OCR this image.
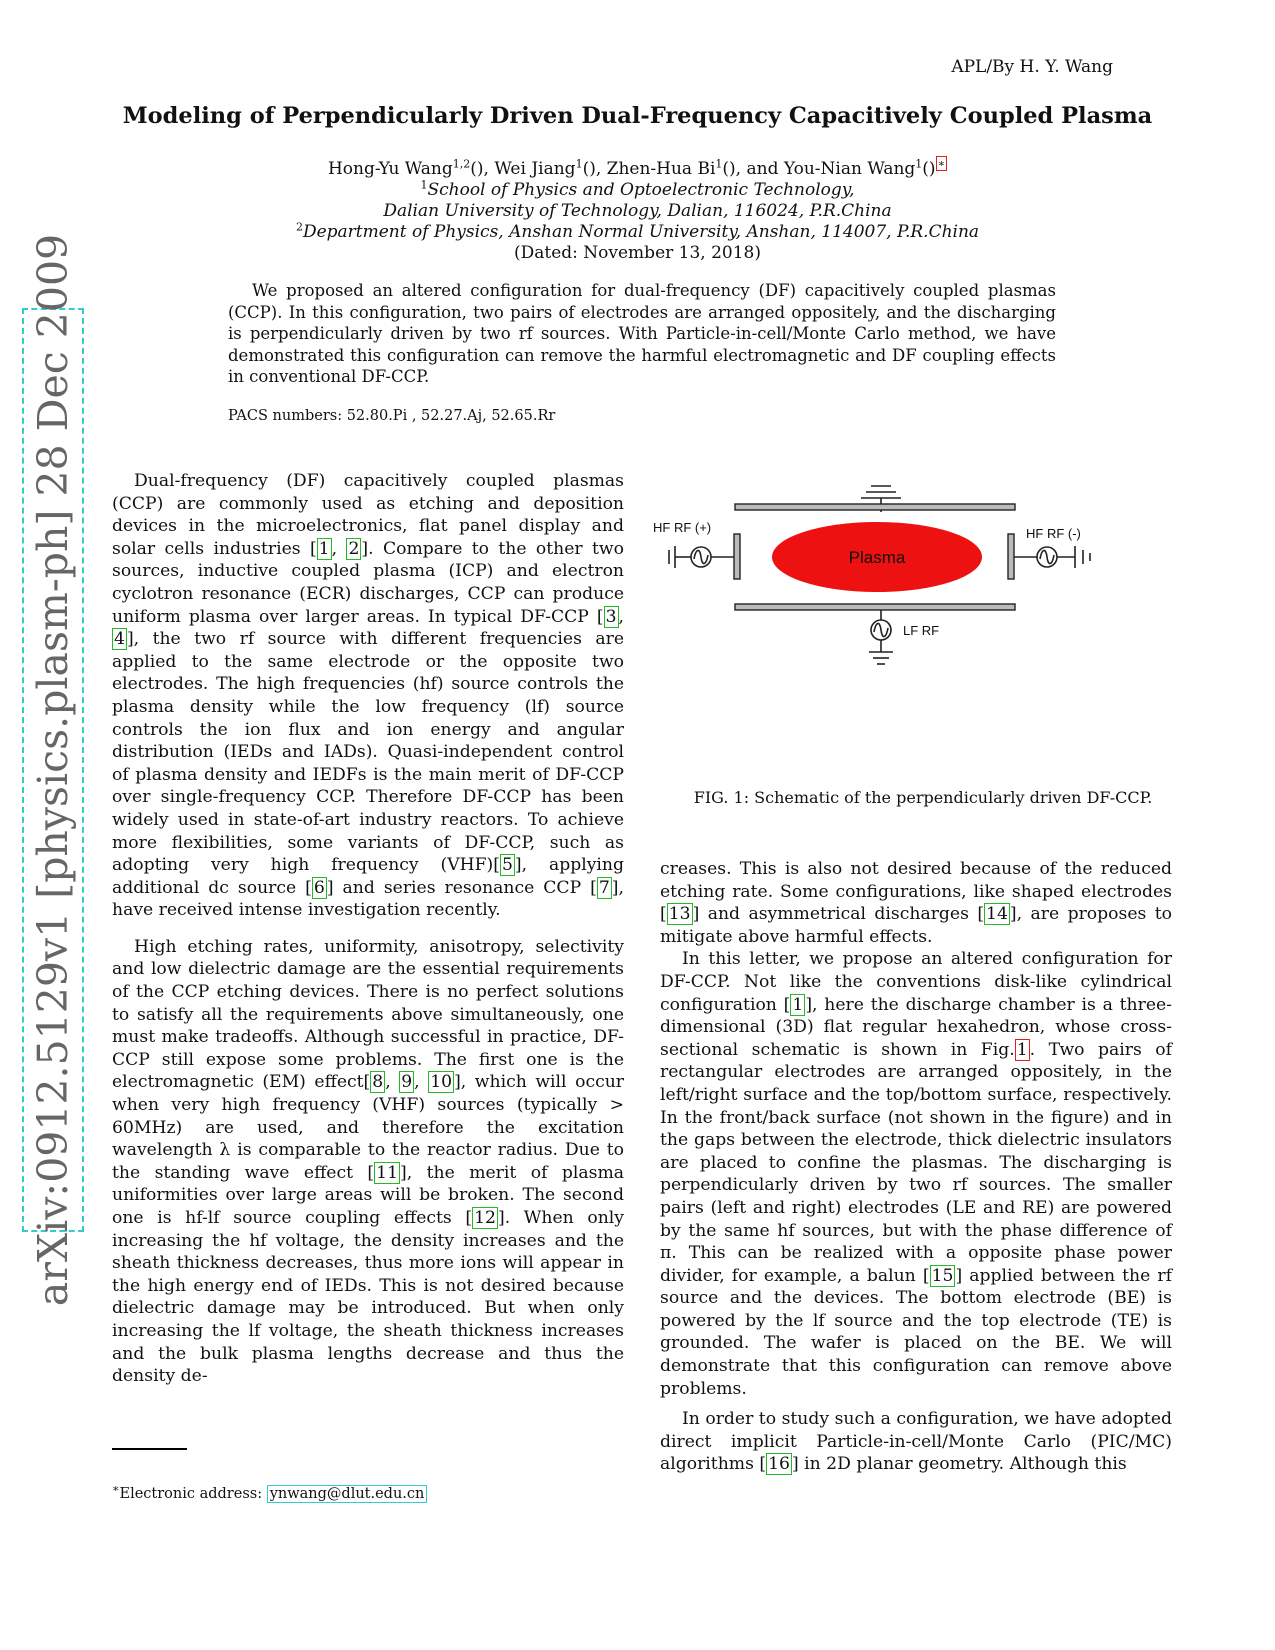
APL/By H. Y. Wang
Modeling of Perpendicularly Driven Dual-Frequency Capacitively Coupled Plasma
Hong-Yu Wang$^{1,2}$(), Wei Jiang$^1$(), Zhen-Hua Bi$^1$(), and You-Nian Wang$^1$() ∗
$^1$School of Physics and Optoelectronic Technology,
Dalian University of Technology, Dalian, 116024, P.R.China
$^2$Department of Physics, Anshan Normal University, Anshan, 114007, P.R.China
(Dated: November 13, 2018)
We proposed an altered configuration for dual-frequency (DF) capacitively coupled plasmas (CCP). In this configuration, two pairs of electrodes are arranged oppositely, and the discharging is perpendicularly driven by two rf sources. With Particle-in-cell/Monte Carlo method, we have demonstrated this configuration can remove the harmful electromagnetic and DF coupling effects in conventional DF-CCP.
PACS numbers: 52.80.Pi , 52.27.Aj, 52.65.Rr
arXiv:0912.5129v1 [physics.plasm-ph] 28 Dec 2009	Dual-frequency (DF) capacitively coupled plasmas (CCP) are commonly used as etching and deposition devices in the microelectronics, flat panel display and solar cells industries [ 1 , 2 ]. Compare to the other two sources, inductive coupled plasma (ICP) and electron cyclotron resonance (ECR) discharges, CCP can produce uniform plasma over larger areas. In typical DF-CCP [ 3 , 4 ], the two rf source with different frequencies are applied to the same electrode or the opposite two electrodes. The high frequencies (hf) source controls the plasma density while the low frequency (lf) source controls the ion flux and ion energy and angular distribution (IEDs and IADs). Quasi-independent control of plasma density and IEDFs is the main merit of DF-CCP over single-frequency CCP. Therefore DF-CCP has been widely used in state-of-art industry reactors. To achieve more flexibilities, some variants of DF-CCP, such as adopting very high frequency (VHF)[ 5 ], applying additional dc source [ 6 ] and series resonance CCP [ 7 ], have received intense investigation recently.

High etching rates, uniformity, anisotropy, selectivity and low dielectric damage are the essential requirements of the CCP etching devices. There is no perfect solutions to satisfy all the requirements above simultaneously, one must make tradeoffs. Although successful in practice, DF-CCP still expose some problems. The first one is the electromagnetic (EM) effect[ 8 , 9 , 10 ], which will occur when very high frequency (VHF) sources (typically > 60MHz) are used, and therefore the excitation wavelength λ is comparable to the reactor radius. Due to the standing wave effect [ 11 ], the merit of plasma uniformities over large areas will be broken. The second one is hf-lf source coupling effects [ 12 ]. When only increasing the hf voltage, the density increases and the sheath thickness decreases, thus more ions will appear in the high energy end of IEDs. This is not desired because dielectric damage may be introduced. But when only increasing the lf voltage, the sheath thickness increases and the bulk plasma lengths decrease and thus the density de-

Plasma
HF RF (+)	HF RF (-)
LF RF
FIG. 1: Schematic of the perpendicularly driven DF-CCP.

creases. This is also not desired because of the reduced etching rate. Some configurations, like shaped electrodes [ 13 ] and asymmetrical discharges [ 14 ], are proposes to mitigate above harmful effects.

In this letter, we propose an altered configuration for DF-CCP. Not like the conventions disk-like cylindrical configuration [ 1 ], here the discharge chamber is a three-dimensional (3D) flat regular hexahedron, whose cross-sectional schematic is shown in Fig. 1 . Two pairs of rectangular electrodes are arranged oppositely, in the left/right surface and the top/bottom surface, respectively. In the front/back surface (not shown in the figure) and in the gaps between the electrode, thick dielectric insulators are placed to confine the plasmas. The discharging is perpendicularly driven by two rf sources. The smaller pairs (left and right) electrodes (LE and RE) are powered by the same hf sources, but with the phase difference of π. This can be realized with a opposite phase power divider, for example, a balun [ 15 ] applied between the rf source and the devices. The bottom electrode (BE) is powered by the lf source and the top electrode (TE) is grounded. The wafer is placed on the BE. We will demonstrate that this configuration can remove above problems.

In order to study such a configuration, we have adopted direct implicit Particle-in-cell/Monte Carlo (PIC/MC) algorithms [ 16 ] in 2D planar geometry. Although this

∗Electronic address: ynwang@dlut.edu.cn
